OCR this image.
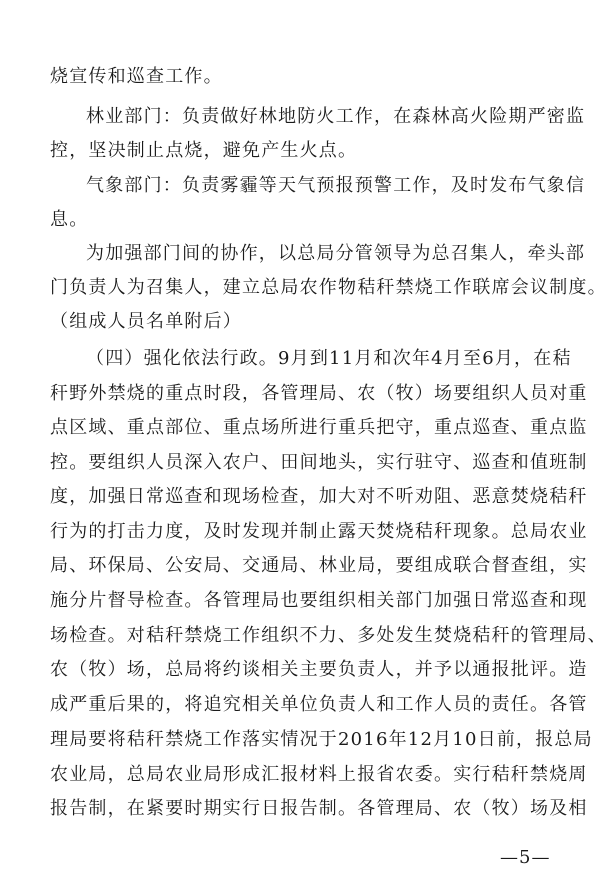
烧宣传和巡查工作。
林业部门：负责做好林地防火工作，在森林高火险期严密监
控，坚决制止点烧，避免产生火点。
气象部门：负责雾霾等天气预报预警工作，及时发布气象信
息。
为加强部门间的协作，以总局分管领导为总召集人，牵头部
门负责人为召集人，建立总局农作物秸秆禁烧工作联席会议制度。
（组成人员名单附后）
（四）强化依法行政。9月到11月和次年4月至6月，在秸
秆野外禁烧的重点时段，各管理局、农（牧）场要组织人员对重
点区域、重点部位、重点场所进行重兵把守，重点巡查、重点监
控。要组织人员深入农户、田间地头，实行驻守、巡查和值班制
度，加强日常巡查和现场检查，加大对不听劝阻、恶意焚烧秸秆
行为的打击力度，及时发现并制止露天焚烧秸秆现象。总局农业
局、环保局、公安局、交通局、林业局，要组成联合督查组，实
施分片督导检查。各管理局也要组织相关部门加强日常巡查和现
场检查。对秸秆禁烧工作组织不力、多处发生焚烧秸秆的管理局、
农（牧）场，总局将约谈相关主要负责人，并予以通报批评。造
成严重后果的，将追究相关单位负责人和工作人员的责任。各管
理局要将秸秆禁烧工作落实情况于2016年12月10日前，报总局
农业局，总局农业局形成汇报材料上报省农委。实行秸秆禁烧周
报告制，在紧要时期实行日报告制。各管理局、农（牧）场及相
—5—
